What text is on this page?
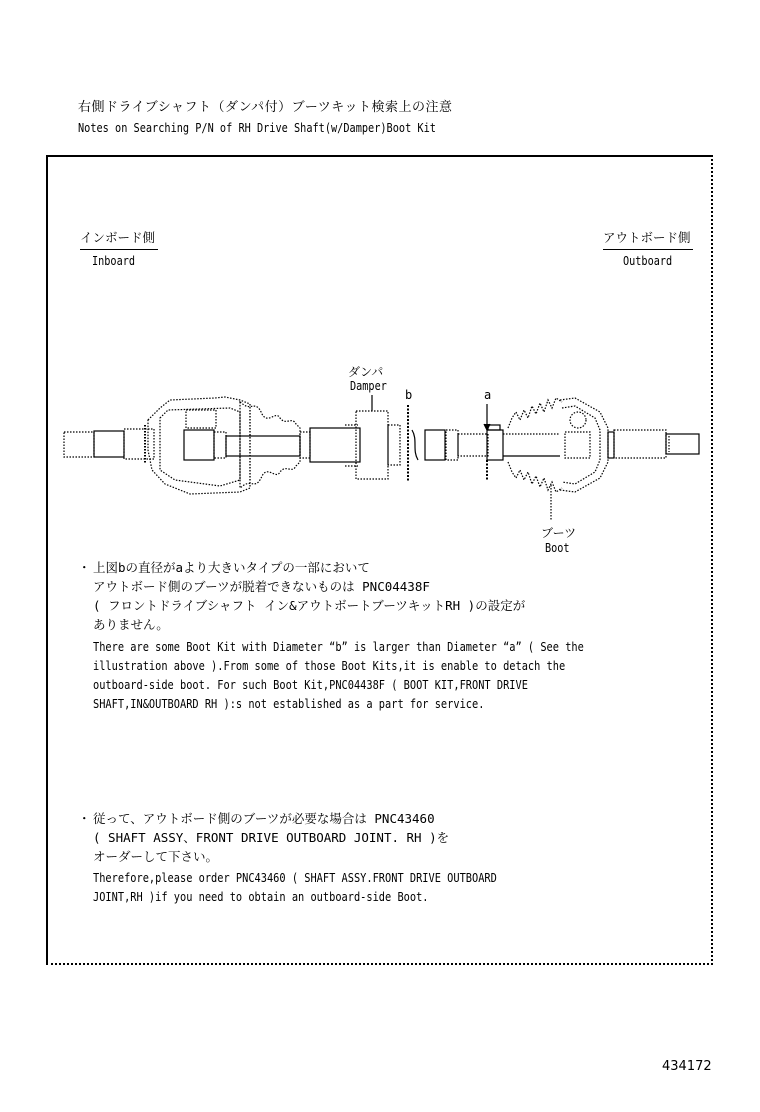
右側ドライブシャフト（ダンパ付）ブーツキット検索上の注意
Notes on Searching P/N of RH Drive Shaft(w/Damper)Boot Kit
インボード側
Inboard
アウトボード側
Outboard
ダンパ
Damper
b	a
ブーツ
Boot
・ 上図bの直径がaより大きいタイプの一部において
アウトボード側のブーツが脱着できないものは PNC04438F
( フロントドライブシャフト イン&アウトボートブーツキットRH )の設定が
ありません。
There are some Boot Kit with Diameter “b” is larger than Diameter “a” ( See the
illustration above ).From some of those Boot Kits,it is enable to detach the
outboard-side boot. For such Boot Kit,PNC04438F ( BOOT KIT,FRONT DRIVE
SHAFT,IN&OUTBOARD RH ):s not established as a part for service.
・ 従って、アウトボード側のブーツが必要な場合は PNC43460
( SHAFT ASSY、FRONT DRIVE OUTBOARD JOINT. RH )を
オーダーして下さい。
Therefore,please order PNC43460 ( SHAFT ASSY.FRONT DRIVE OUTBOARD
JOINT,RH )if you need to obtain an outboard-side Boot.
434172
